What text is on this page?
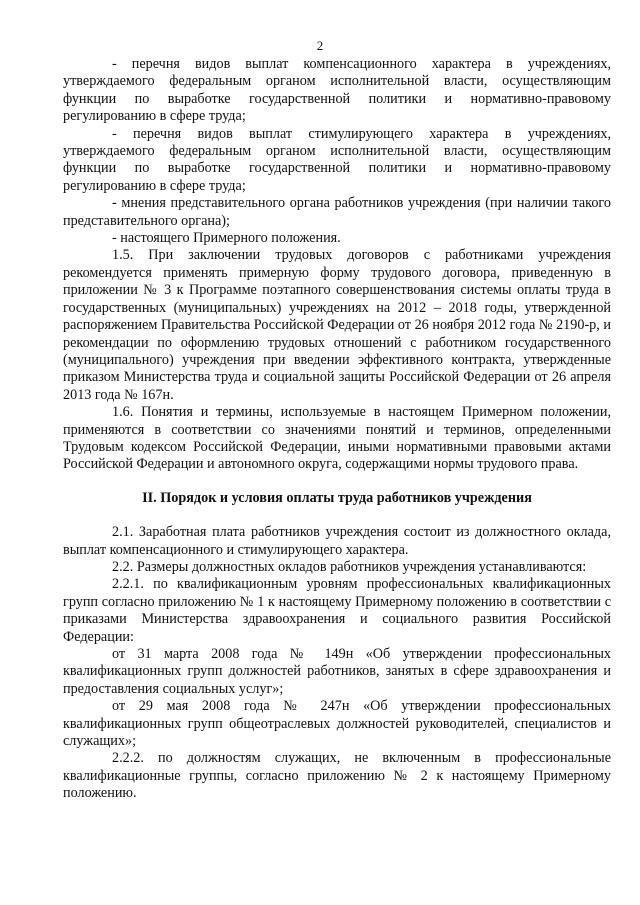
2

- перечня видов выплат компенсационного характера в учреждениях, утверждаемого федеральным органом исполнительной власти, осуществляющим функции по выработке государственной политики и нормативно-правовому регулированию в сфере труда;

- перечня видов выплат стимулирующего характера в учреждениях, утверждаемого федеральным органом исполнительной власти, осуществляющим функции по выработке государственной политики и нормативно-правовому регулированию в сфере труда;

- мнения представительного органа работников учреждения (при наличии такого представительного органа);

- настоящего Примерного положения.

1.5. При заключении трудовых договоров с работниками учреждения рекомендуется применять примерную форму трудового договора, приведенную в приложении № 3 к Программе поэтапного совершенствования системы оплаты труда в государственных (муниципальных) учреждениях на 2012 – 2018 годы, утвержденной распоряжением Правительства Российской Федерации от 26 ноября 2012 года № 2190-р, и рекомендации по оформлению трудовых отношений с работником государственного (муниципального) учреждения при введении эффективного контракта, утвержденные приказом Министерства труда и социальной защиты Российской Федерации от 26 апреля 2013 года № 167н.

1.6. Понятия и термины, используемые в настоящем Примерном положении, применяются в соответствии со значениями понятий и терминов, определенными Трудовым кодексом Российской Федерации, иными нормативными правовыми актами Российской Федерации и автономного округа, содержащими нормы трудового права.

II. Порядок и условия оплаты труда работников учреждения

2.1. Заработная плата работников учреждения состоит из должностного оклада, выплат компенсационного и стимулирующего характера.

2.2. Размеры должностных окладов работников учреждения устанавливаются:

2.2.1. по квалификационным уровням профессиональных квалификационных групп согласно приложению № 1 к настоящему Примерному положению в соответствии с приказами Министерства здравоохранения и социального развития Российской Федерации:

от 31 марта 2008 года № 149н «Об утверждении профессиональных квалификационных групп должностей работников, занятых в сфере здравоохранения и предоставления социальных услуг»;

от 29 мая 2008 года № 247н «Об утверждении профессиональных квалификационных групп общеотраслевых должностей руководителей, специалистов и служащих»;

2.2.2. по должностям служащих, не включенным в профессиональные квалификационные группы, согласно приложению № 2 к настоящему Примерному положению.
